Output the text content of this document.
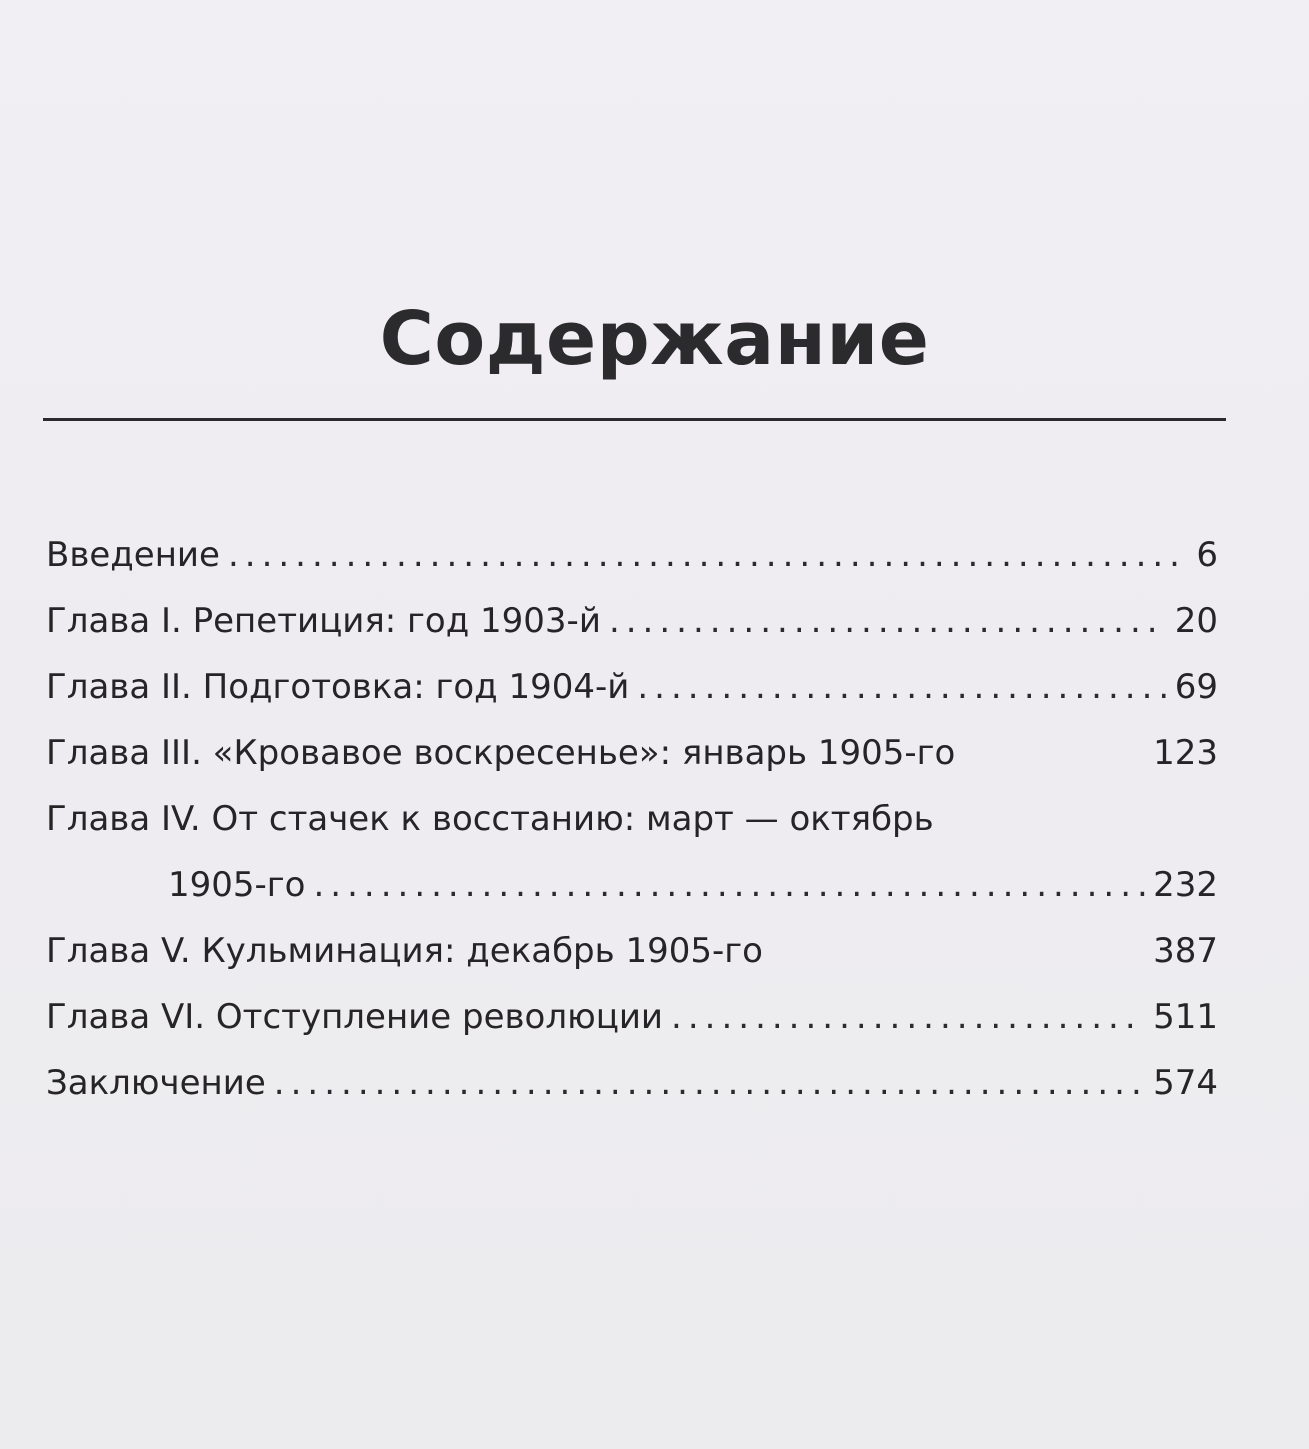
Содержание
Введение .....	6
Глава I. Репетиция: год 1903-й .....	20
Глава II. Подготовка: год 1904-й .....	69
Глава III. «Кровавое воскресенье»: январь 1905-го	123
Глава IV. От стачек к восстанию: март — октябрь
1905-го .....	232
Глава V. Кульминация: декабрь 1905-го	387
Глава VI. Отступление революции .....	511
Заключение .....	574
